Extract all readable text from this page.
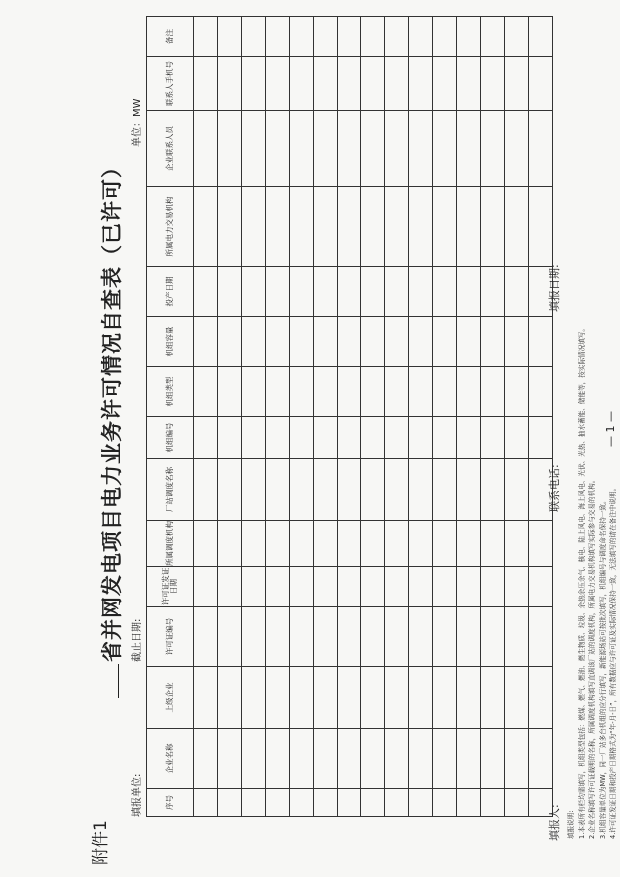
附件1
省并网发电项目电力业务许可情况自查表（已许可）
填报单位:
截止日期:
单位：MW
序号	企业名称	上级企业	许可证编号	许可证发证日期	所属调度机构	厂站调度名称	机组编号	机组类型	机组容量	投产日期	所属电力交易机构	企业联系人员	联系人手机号	备注

填报人:
联系电话:
填报日期:

填报说明: 1.本表所有栏均需填写，机组类型包括：燃煤、燃气、燃油、燃生物质、垃圾、余热余压余气、核电、陆上风电、海上风电、光伏、光热、抽水蓄能、储能等，按实际情况填写。 2.企业名称填写许可证载明的名称，所属调度机构填写直调该厂站的调度机构，所属电力交易机构填写实际参与交易的机构。 3.机组容量单位为MW，同一厂站多台机组的应分行填写，新能源场站可按批次填写，机组编号与调度命名保持一致。 4.许可证发证日期和投产日期格式为“年-月-日”，所有数据应与许可证及实际情况保持一致，无法填写的请在备注中说明。

— 1 —
